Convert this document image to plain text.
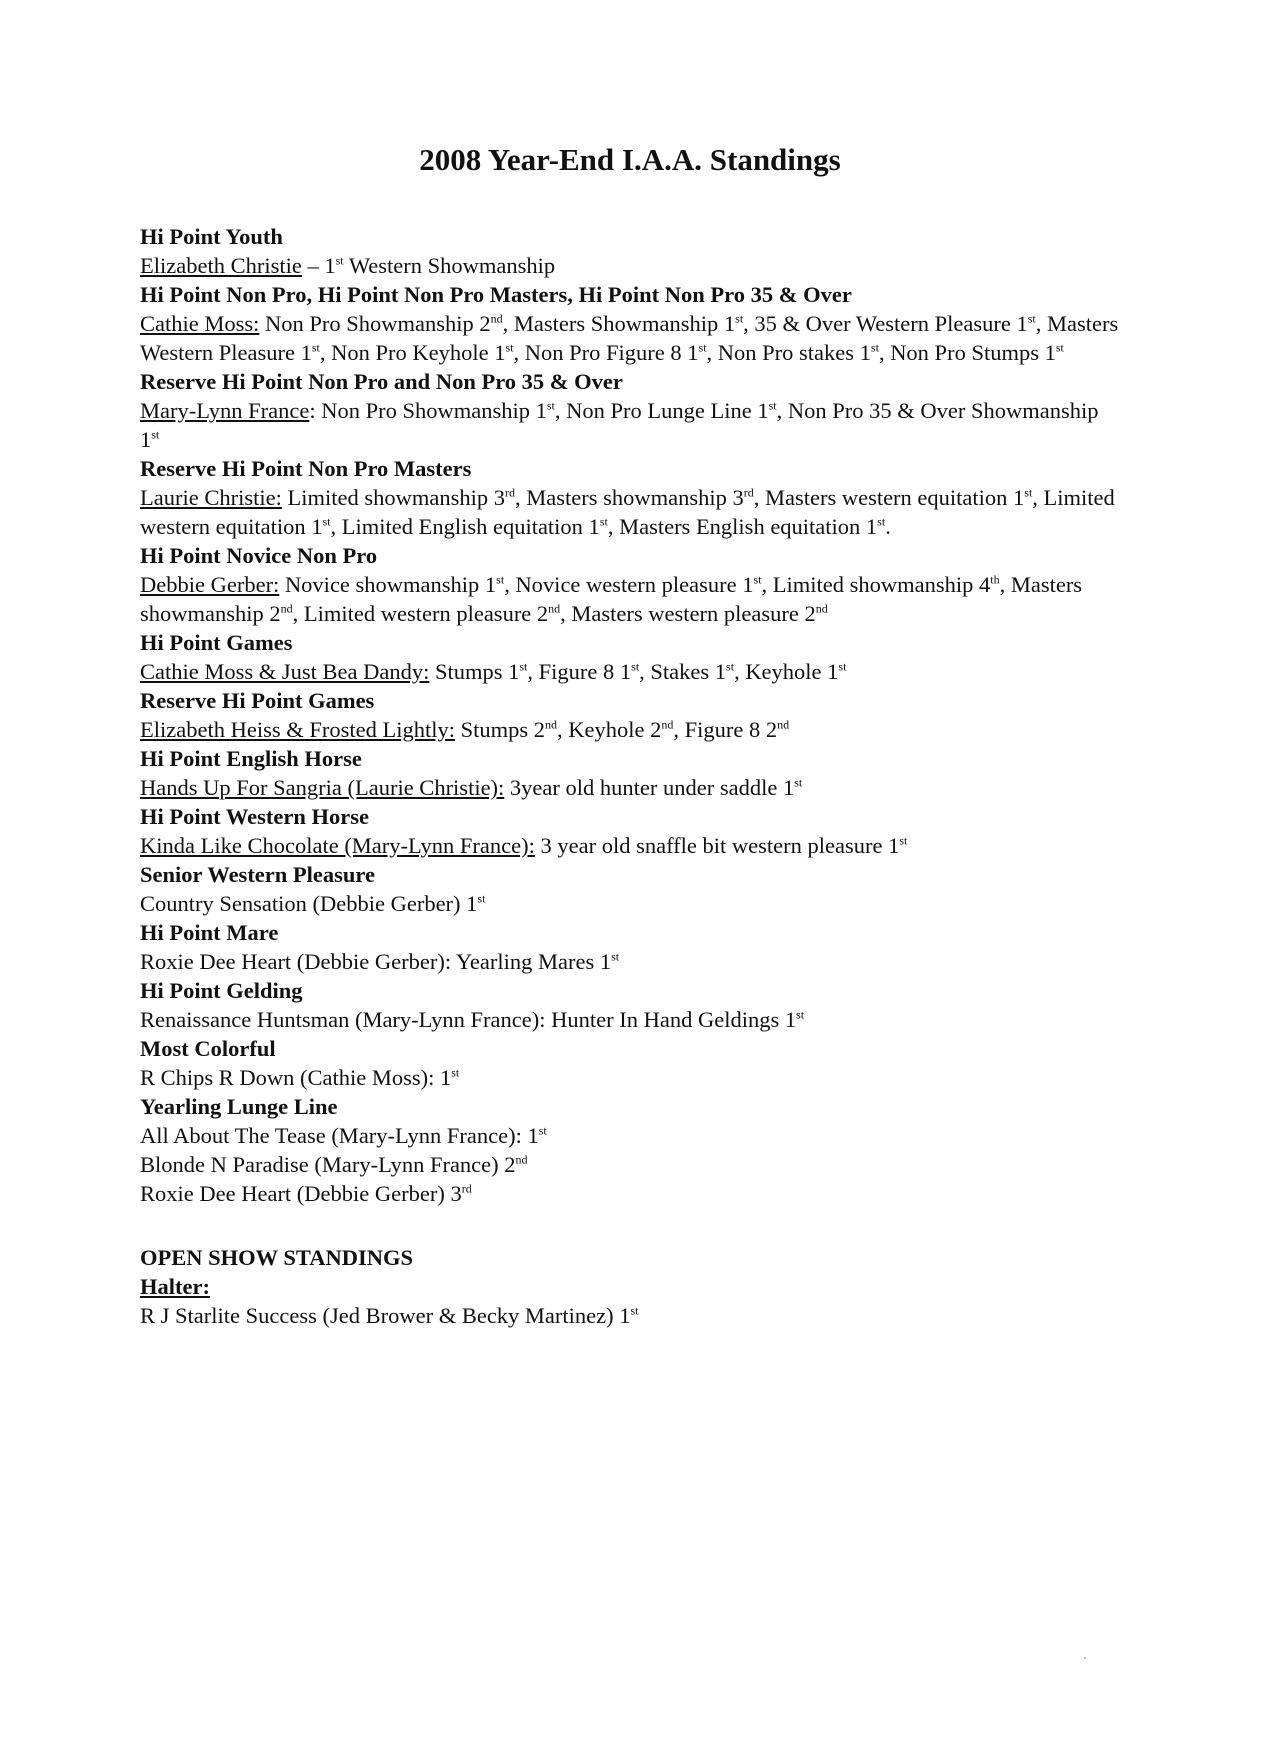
2008 Year-End I.A.A. Standings
Hi Point Youth
Elizabeth Christie – 1st Western Showmanship
Hi Point Non Pro, Hi Point Non Pro Masters, Hi Point Non Pro 35 & Over
Cathie Moss: Non Pro Showmanship 2nd, Masters Showmanship 1st, 35 & Over Western Pleasure 1st, Masters Western Pleasure 1st, Non Pro Keyhole 1st, Non Pro Figure 8 1st, Non Pro stakes 1st, Non Pro Stumps 1st
Reserve Hi Point Non Pro and Non Pro 35 & Over
Mary-Lynn France: Non Pro Showmanship 1st, Non Pro Lunge Line 1st, Non Pro 35 & Over Showmanship 1st
Reserve Hi Point Non Pro Masters
Laurie Christie: Limited showmanship 3rd, Masters showmanship 3rd, Masters western equitation 1st, Limited western equitation 1st, Limited English equitation 1st, Masters English equitation 1st.
Hi Point Novice Non Pro
Debbie Gerber: Novice showmanship 1st, Novice western pleasure 1st, Limited showmanship 4th, Masters showmanship 2nd, Limited western pleasure 2nd, Masters western pleasure 2nd
Hi Point Games
Cathie Moss & Just Bea Dandy: Stumps 1st, Figure 8 1st, Stakes 1st, Keyhole 1st
Reserve Hi Point Games
Elizabeth Heiss & Frosted Lightly: Stumps 2nd, Keyhole 2nd, Figure 8 2nd
Hi Point English Horse
Hands Up For Sangria (Laurie Christie): 3year old hunter under saddle 1st
Hi Point Western Horse
Kinda Like Chocolate (Mary-Lynn France): 3 year old snaffle bit western pleasure 1st
Senior Western Pleasure
Country Sensation (Debbie Gerber) 1st
Hi Point Mare
Roxie Dee Heart (Debbie Gerber): Yearling Mares 1st
Hi Point Gelding
Renaissance Huntsman (Mary-Lynn France): Hunter In Hand Geldings 1st
Most Colorful
R Chips R Down (Cathie Moss): 1st
Yearling Lunge Line
All About The Tease (Mary-Lynn France): 1st
Blonde N Paradise (Mary-Lynn France) 2nd
Roxie Dee Heart (Debbie Gerber) 3rd
OPEN SHOW STANDINGS
Halter:
R J Starlite Success (Jed Brower & Becky Martinez) 1st
